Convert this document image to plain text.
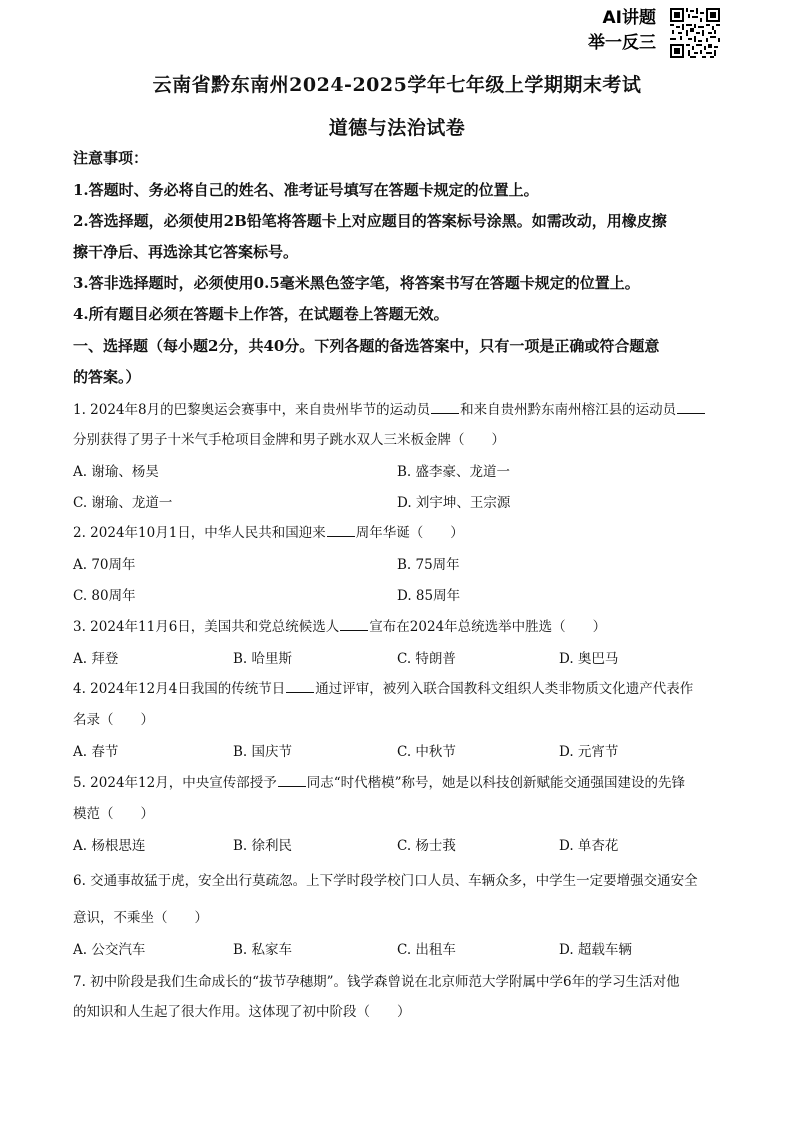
AI讲题
举一反三
云南省黔东南州2024-2025学年七年级上学期期末考试
道德与法治试卷
注意事项：
1.答题时、务必将自己的姓名、准考证号填写在答题卡规定的位置上。
2.答选择题，必须使用2B铅笔将答题卡上对应题目的答案标号涂黑。如需改动，用橡皮擦
擦干净后、再选涂其它答案标号。
3.答非选择题时，必须使用0.5毫米黑色签字笔，将答案书写在答题卡规定的位置上。
4.所有题目必须在答题卡上作答，在试题卷上答题无效。
一、选择题（每小题2分，共40分。下列各题的备选答案中，只有一项是正确或符合题意
的答案。）
1. 2024年8月的巴黎奥运会赛事中，来自贵州毕节的运动员 和来自贵州黔东南州榕江县的运动员
分别获得了男子十米气手枪项目金牌和男子跳水双人三米板金牌（　　）
A. 谢瑜、杨昊	B. 盛李豪、龙道一
C. 谢瑜、龙道一	D. 刘宇坤、王宗源
2. 2024年10月1日，中华人民共和国迎来 周年华诞（　　）
A. 70周年	B. 75周年
C. 80周年	D. 85周年
3. 2024年11月6日，美国共和党总统候选人 宣布在2024年总统选举中胜选（　　）
A. 拜登	B. 哈里斯	C. 特朗普	D. 奥巴马
4. 2024年12月4日我国的传统节日 通过评审，被列入联合国教科文组织人类非物质文化遗产代表作
名录（　　）
A. 春节	B. 国庆节	C. 中秋节	D. 元宵节
5. 2024年12月，中央宣传部授予 同志“时代楷模”称号，她是以科技创新赋能交通强国建设的先锋
模范（　　）
A. 杨根思连	B. 徐利民	C. 杨士莪	D. 单杏花
6. 交通事故猛于虎，安全出行莫疏忽。上下学时段学校门口人员、车辆众多，中学生一定要增强交通安全
意识，不乘坐（　　）
A. 公交汽车	B. 私家车	C. 出租车	D. 超载车辆
7. 初中阶段是我们生命成长的“拔节孕穗期”。钱学森曾说在北京师范大学附属中学6年的学习生活对他
的知识和人生起了很大作用。这体现了初中阶段（　　）
